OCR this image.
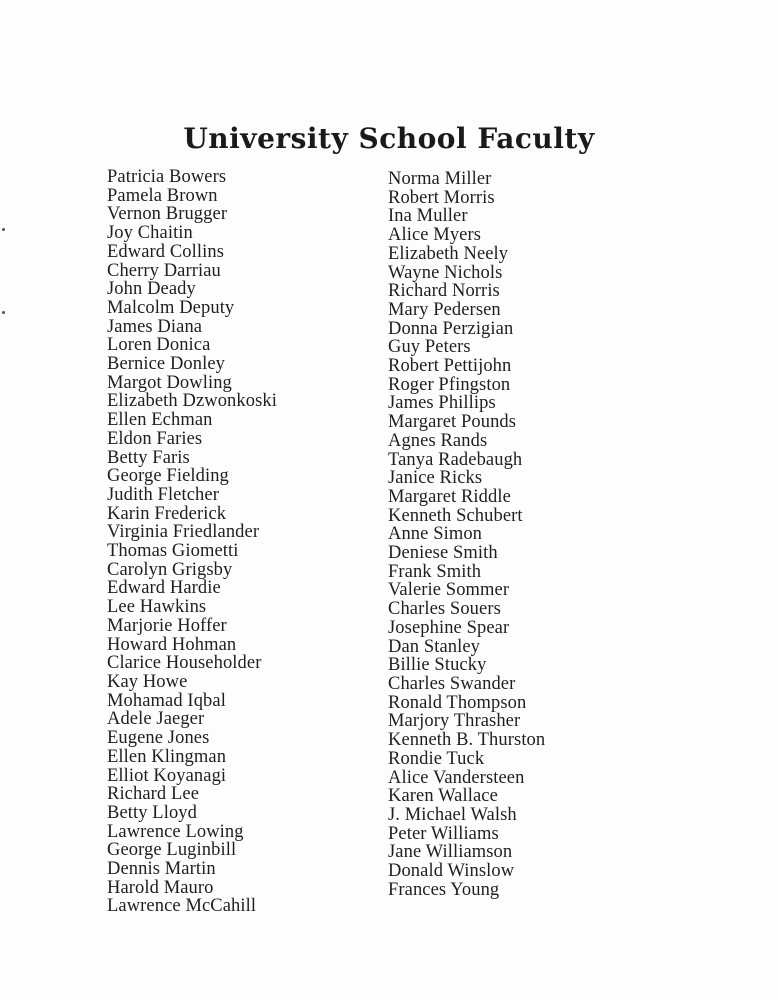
University School Faculty
Patricia Bowers
Pamela Brown
Vernon Brugger
Joy Chaitin
Edward Collins
Cherry Darriau
John Deady
Malcolm Deputy
James Diana
Loren Donica
Bernice Donley
Margot Dowling
Elizabeth Dzwonkoski
Ellen Echman
Eldon Faries
Betty Faris
George Fielding
Judith Fletcher
Karin Frederick
Virginia Friedlander
Thomas Giometti
Carolyn Grigsby
Edward Hardie
Lee Hawkins
Marjorie Hoffer
Howard Hohman
Clarice Householder
Kay Howe
Mohamad Iqbal
Adele Jaeger
Eugene Jones
Ellen Klingman
Elliot Koyanagi
Richard Lee
Betty Lloyd
Lawrence Lowing
George Luginbill
Dennis Martin
Harold Mauro
Lawrence McCahill
Norma Miller
Robert Morris
Ina Muller
Alice Myers
Elizabeth Neely
Wayne Nichols
Richard Norris
Mary Pedersen
Donna Perzigian
Guy Peters
Robert Pettijohn
Roger Pfingston
James Phillips
Margaret Pounds
Agnes Rands
Tanya Radebaugh
Janice Ricks
Margaret Riddle
Kenneth Schubert
Anne Simon
Deniese Smith
Frank Smith
Valerie Sommer
Charles Souers
Josephine Spear
Dan Stanley
Billie Stucky
Charles Swander
Ronald Thompson
Marjory Thrasher
Kenneth B. Thurston
Rondie Tuck
Alice Vandersteen
Karen Wallace
J. Michael Walsh
Peter Williams
Jane Williamson
Donald Winslow
Frances Young
